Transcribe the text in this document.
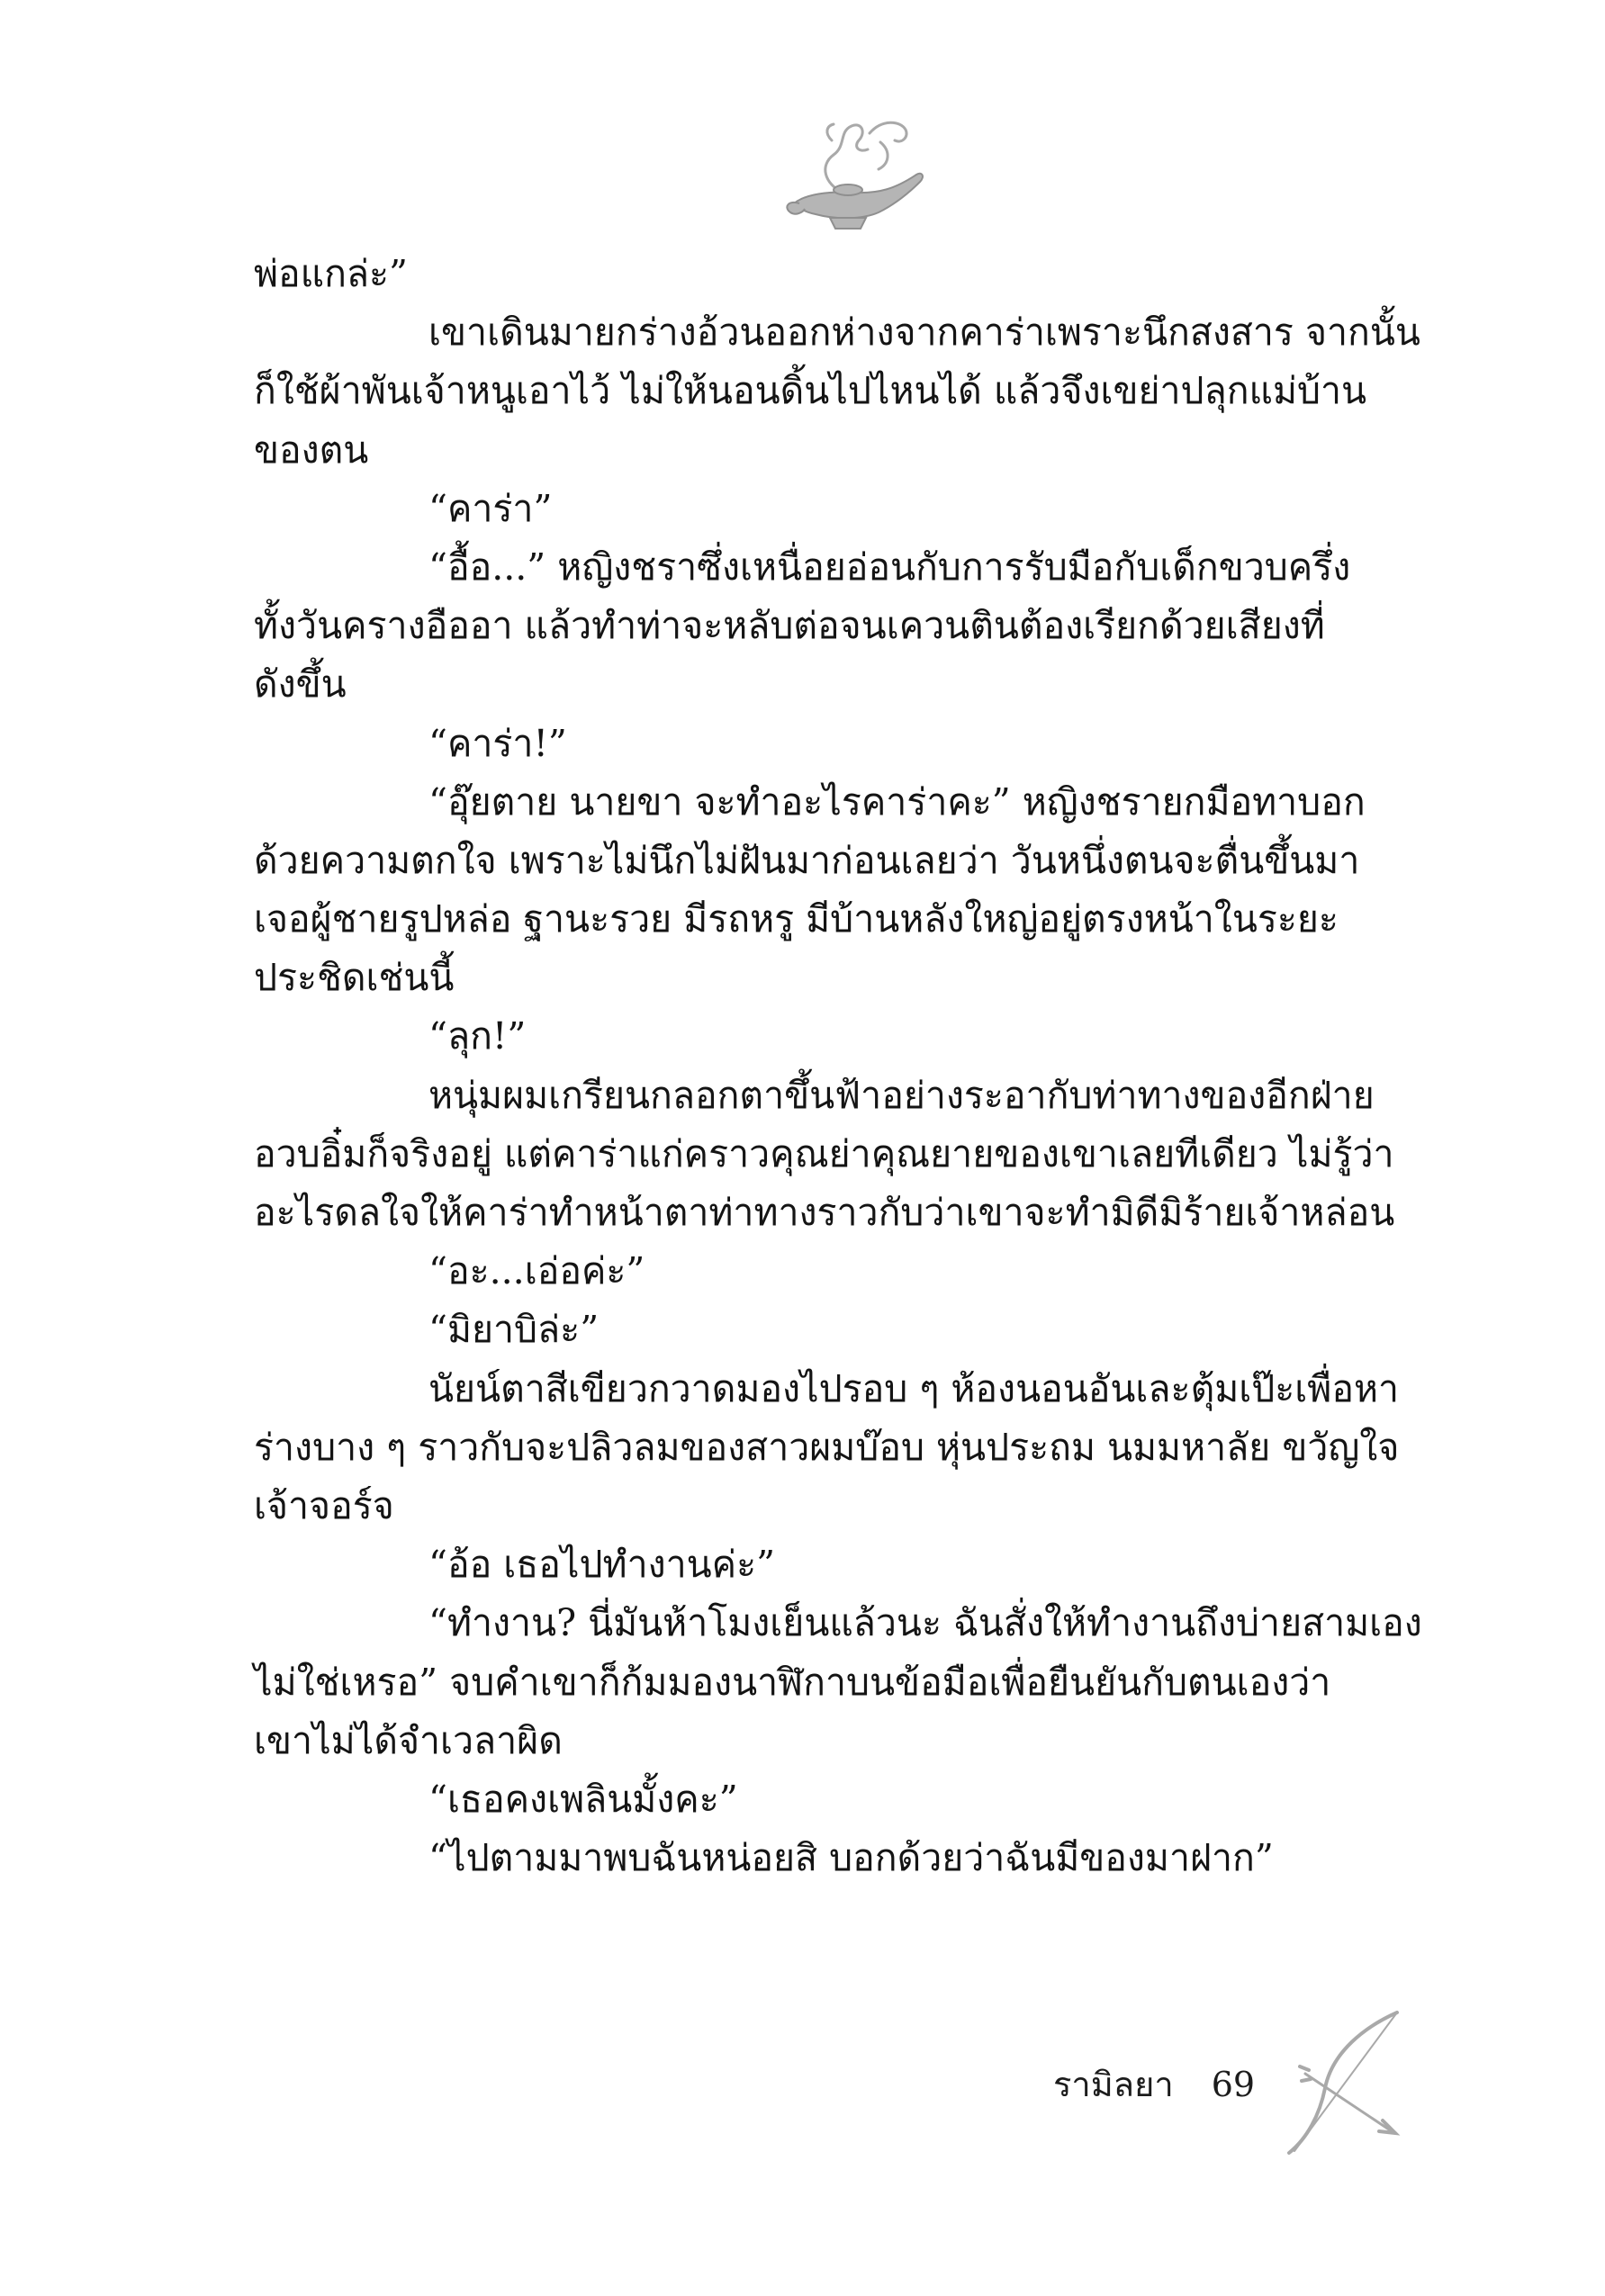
พ่อแกล่ะ”
เขาเดินมายกร่างอ้วนออกห่างจากคาร่าเพราะนึกสงสาร จากนั้น
ก็ใช้ผ้าพันเจ้าหนูเอาไว้ ไม่ให้นอนดิ้นไปไหนได้ แล้วจึงเขย่าปลุกแม่บ้าน
ของตน
“คาร่า”
“อื้อ...” หญิงชราซึ่งเหนื่อยอ่อนกับการรับมือกับเด็กขวบครึ่ง
ทั้งวันครางอืออา แล้วทำท่าจะหลับต่อจนเควนตินต้องเรียกด้วยเสียงที่
ดังขึ้น
“คาร่า!”
“อุ๊ยตาย นายขา จะทำอะไรคาร่าคะ” หญิงชรายกมือทาบอก
ด้วยความตกใจ เพราะไม่นึกไม่ฝันมาก่อนเลยว่า วันหนึ่งตนจะตื่นขึ้นมา
เจอผู้ชายรูปหล่อ ฐานะรวย มีรถหรู มีบ้านหลังใหญ่อยู่ตรงหน้าในระยะ
ประชิดเช่นนี้
“ลุก!”
หนุ่มผมเกรียนกลอกตาขึ้นฟ้าอย่างระอากับท่าทางของอีกฝ่าย
อวบอิ๋มก็จริงอยู่ แต่คาร่าแก่คราวคุณย่าคุณยายของเขาเลยทีเดียว ไม่รู้ว่า
อะไรดลใจให้คาร่าทำหน้าตาท่าทางราวกับว่าเขาจะทำมิดีมิร้ายเจ้าหล่อน
“อะ...เอ่อค่ะ”
“มิยาบิล่ะ”
นัยน์ตาสีเขียวกวาดมองไปรอบ ๆ ห้องนอนอันเละตุ้มเป๊ะเพื่อหา
ร่างบาง ๆ ราวกับจะปลิวลมของสาวผมบ๊อบ หุ่นประถม นมมหาลัย ขวัญใจ
เจ้าจอร์จ
“อ้อ เธอไปทำงานค่ะ”
“ทำงาน? นี่มันห้าโมงเย็นแล้วนะ ฉันสั่งให้ทำงานถึงบ่ายสามเอง
ไม่ใช่เหรอ” จบคำเขาก็ก้มมองนาฬิกาบนข้อมือเพื่อยืนยันกับตนเองว่า
เขาไม่ได้จำเวลาผิด
“เธอคงเพลินมั้งคะ”
“ไปตามมาพบฉันหน่อยสิ บอกด้วยว่าฉันมีของมาฝาก”
รามิลยา 69
